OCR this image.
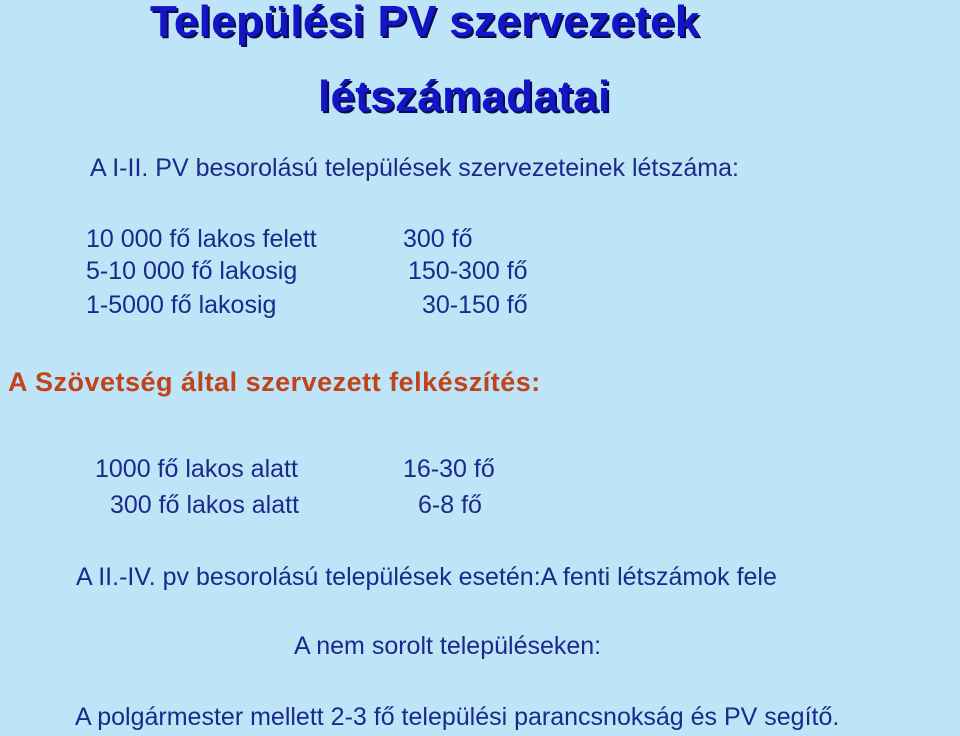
Települési PV szervezetek
létszámadatai
A I-II. PV besorolású települések szervezeteinek létszáma:
10 000 fő lakos felett	300 fő
5-10 000 fő lakosig	150-300 fő
1-5000 fő lakosig	30-150 fő
A Szövetség által szervezett felkészítés:
1000 fő lakos alatt	16-30 fő
300 fő lakos alatt	6-8 fő
A II.-IV. pv besorolású települések esetén:A fenti létszámok fele
A nem sorolt településeken:
A polgármester mellett 2-3 fő települési parancsnokság és PV segítő.
